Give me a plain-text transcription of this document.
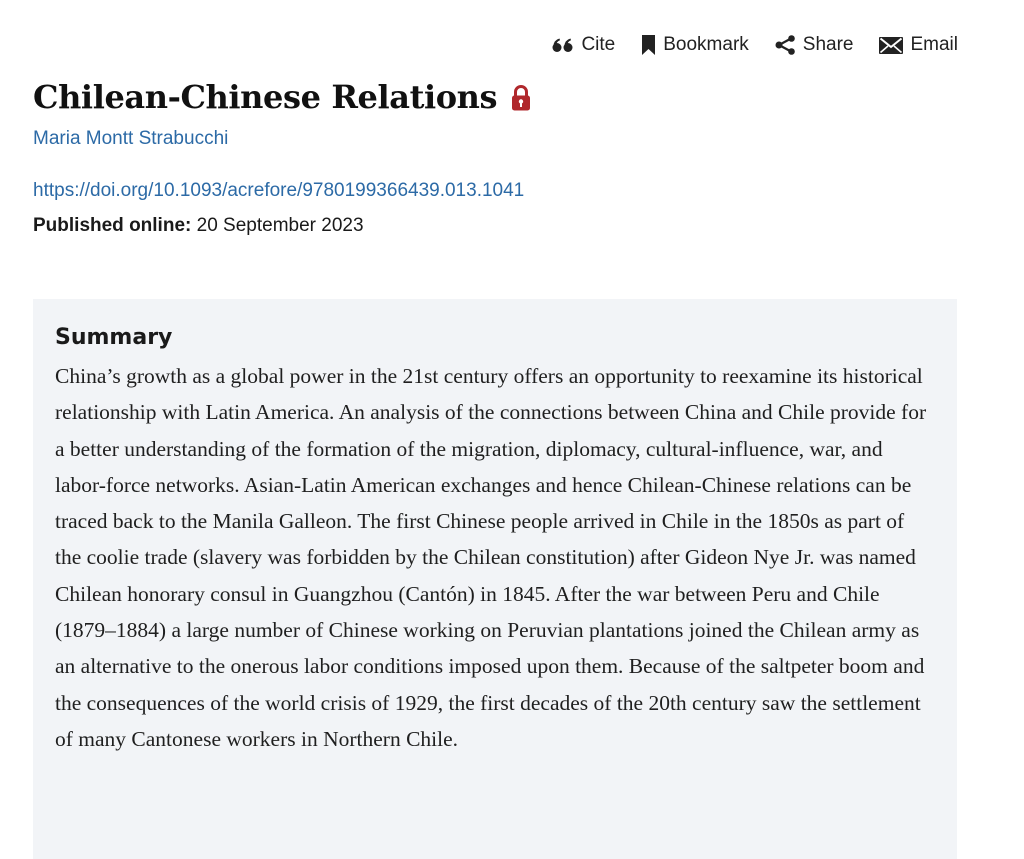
Cite	Bookmark	Share	Email
Chilean-Chinese Relations
Maria Montt Strabucchi
https://doi.org/10.1093/acrefore/9780199366439.013.1041
Published online: 20 September 2023
Summary

China’s growth as a global power in the 21st century offers an opportunity to reexamine its historical relationship with Latin America. An analysis of the connections between China and Chile provide for a better understanding of the formation of the migration, diplomacy, cultural-influence, war, and labor-force networks. Asian-Latin American exchanges and hence Chilean-Chinese relations can be traced back to the Manila Galleon. The first Chinese people arrived in Chile in the 1850s as part of the coolie trade (slavery was forbidden by the Chilean constitution) after Gideon Nye Jr. was named Chilean honorary consul in Guangzhou (Cantón) in 1845. After the war between Peru and Chile (1879–1884) a large number of Chinese working on Peruvian plantations joined the Chilean army as an alternative to the onerous labor conditions imposed upon them. Because of the saltpeter boom and the consequences of the world crisis of 1929, the first decades of the 20th century saw the settlement of many Cantonese workers in Northern Chile.
